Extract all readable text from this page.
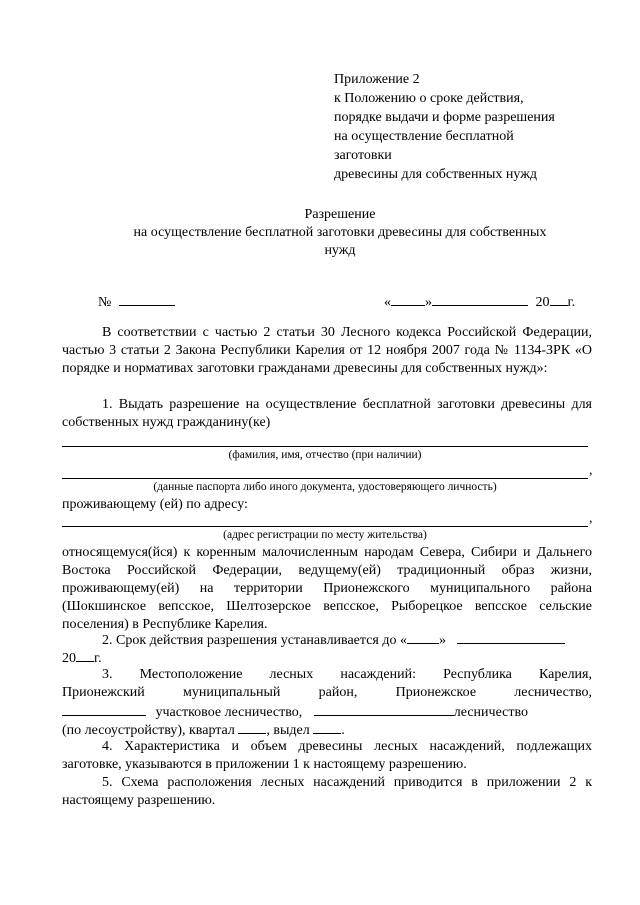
Приложение 2
к Положению о сроке действия,
порядке выдачи и форме разрешения
на осуществление бесплатной
заготовки
древесины для собственных нужд
Разрешение
на осуществление бесплатной заготовки древесины для собственных
нужд
№	« »	20 г.
В соответствии с частью 2 статьи 30 Лесного кодекса Российской Федерации, частью 3 статьи 2 Закона Республики Карелия от 12 ноября 2007 года № 1134-ЗРК «О порядке и нормативах заготовки гражданами древесины для собственных нужд»:
1. Выдать разрешение на осуществление бесплатной заготовки древесины для собственных нужд гражданину(ке)
(фамилия, имя, отчество (при наличии)
,
(данные паспорта либо иного документа, удостоверяющего личность)
проживающему (ей) по адресу:
,
(адрес регистрации по месту жительства)
относящемуся(йся) к коренным малочисленным народам Севера, Сибири и Дальнего Востока Российской Федерации, ведущему(ей) традиционный образ жизни, проживающему(ей) на территории Прионежского муниципального района (Шокшинское вепсское, Шелтозерское вепсское, Рыборецкое вепсское сельские поселения) в Республике Карелия.
2. Срок действия разрешения устанавливается до « »
20 г.
3. Местоположение лесных насаждений: Республика Карелия,
Прионежский	муниципальный	район,	Прионежское	лесничество,
участковое лесничество,	лесничество
(по лесоустройству), квартал , выдел .
4. Характеристика и объем древесины лесных насаждений, подлежащих заготовке, указываются в приложении 1 к настоящему разрешению.
5. Схема расположения лесных насаждений приводится в приложении 2 к настоящему разрешению.
